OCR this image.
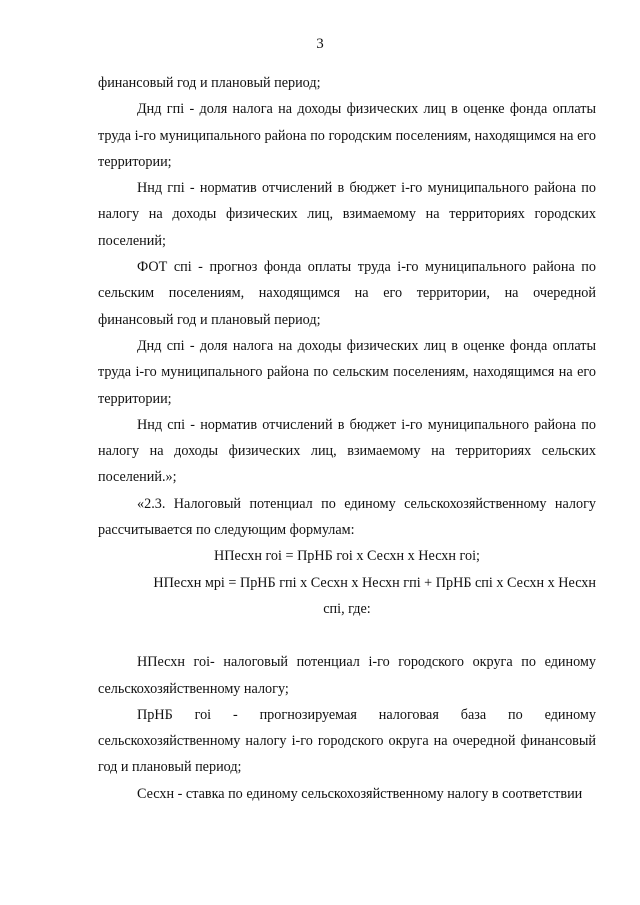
3

финансовый год и плановый период;

Днд гпi - доля налога на доходы физических лиц в оценке фонда оплаты труда i-го муниципального района по городским поселениям, находящимся на его территории;

Ннд гпi - норматив отчислений в бюджет i-го муниципального района по налогу на доходы физических лиц, взимаемому на территориях городских поселений;

ФОТ спi - прогноз фонда оплаты труда i-го муниципального района по сельским поселениям, находящимся на его территории, на очередной финансовый год и плановый период;

Днд спi - доля налога на доходы физических лиц в оценке фонда оплаты труда i-го муниципального района по сельским поселениям, находящимся на его территории;

Ннд спi - норматив отчислений в бюджет i-го муниципального района по налогу на доходы физических лиц, взимаемому на территориях сельских поселений.»;

«2.3. Налоговый потенциал по единому сельскохозяйственному налогу рассчитывается по следующим формулам:

НПесхн гоi = ПрНБ гоi х Сесхн х Несхн гоi;

НПесхн мрi = ПрНБ гпi х Сесхн х Несхн гпi + ПрНБ спi х Сесхн х Несхн

спi, где:

НПесхн гоi- налоговый потенциал i-го городского округа по единому сельскохозяйственному налогу;

ПрНБ гоi - прогнозируемая налоговая база по единому сельскохозяйственному налогу i-го городского округа на очередной финансовый год и плановый период;

Сесхн - ставка по единому сельскохозяйственному налогу в соответствии
